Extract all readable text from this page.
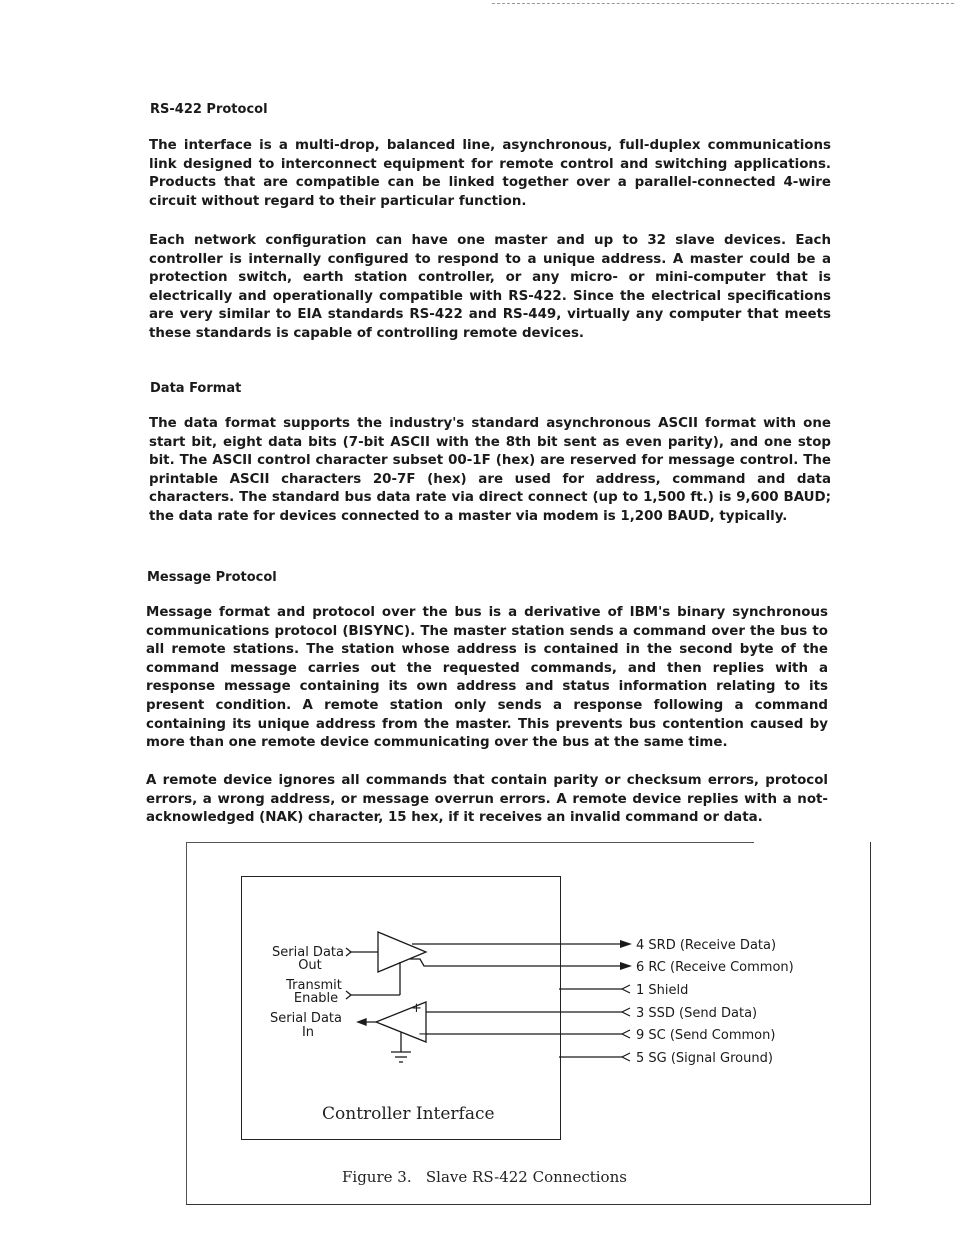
RS-422 Protocol

The interface is a multi-drop, balanced line, asynchronous, full-duplex communications link designed to interconnect equipment for remote control and switching applications. Products that are compatible can be linked together over a parallel-connected 4-wire circuit without regard to their particular function.

Each network configuration can have one master and up to 32 slave devices. Each controller is internally configured to respond to a unique address. A master could be a protection switch, earth station controller, or any micro- or mini-computer that is electrically and operationally compatible with RS-422. Since the electrical specifications are very similar to EIA standards RS-422 and RS-449, virtually any computer that meets these standards is capable of controlling remote devices.

Data Format

The data format supports the industry's standard asynchronous ASCII format with one start bit, eight data bits (7-bit ASCII with the 8th bit sent as even parity), and one stop bit. The ASCII control character subset 00-1F (hex) are reserved for message control. The printable ASCII characters 20-7F (hex) are used for address, command and data characters. The standard bus data rate via direct connect (up to 1,500 ft.) is 9,600 BAUD; the data rate for devices connected to a master via modem is 1,200 BAUD, typically.

Message Protocol

Message format and protocol over the bus is a derivative of IBM's binary synchronous communications protocol (BISYNC). The master station sends a command over the bus to all remote stations. The station whose address is contained in the second byte of the command message carries out the requested commands, and then replies with a response message containing its own address and status information relating to its present condition. A remote station only sends a response following a command containing its unique address from the master. This prevents bus contention caused by more than one remote device communicating over the bus at the same time.

A remote device ignores all commands that contain parity or checksum errors, protocol errors, a wrong address, or message overrun errors. A remote device replies with a not-acknowledged (NAK) character, 15 hex, if it receives an invalid command or data.

Serial Data
Out
Transmit
Enable
Serial Data
In
+
−
4 SRD (Receive Data)
6 RC (Receive Common)
1 Shield
3 SSD (Send Data)
9 SC (Send Common)
5 SG (Signal Ground)
Controller Interface
Figure 3.   Slave RS-422 Connections
